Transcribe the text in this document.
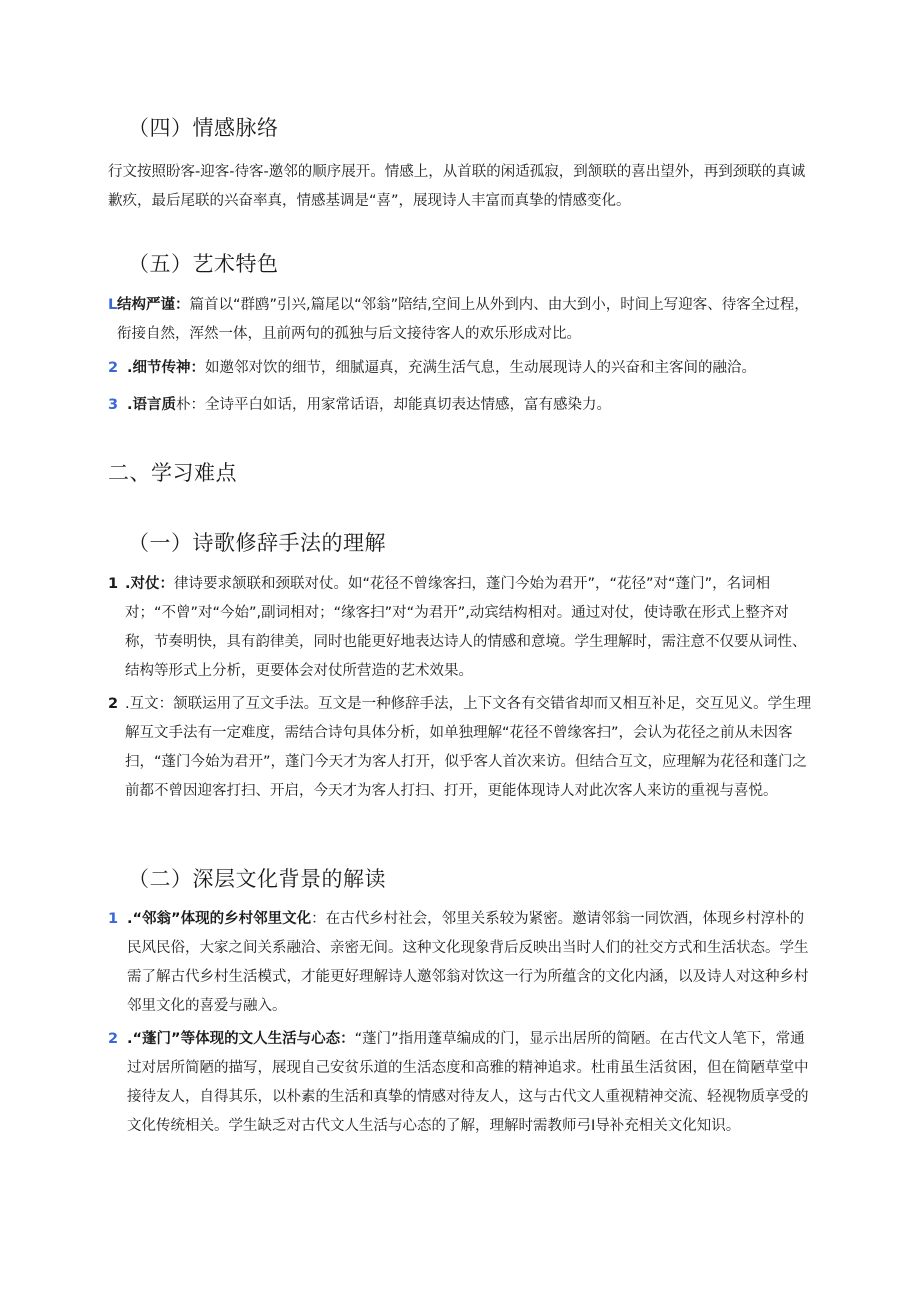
（四）情感脉络

行文按照盼客-迎客-待客-邀邻的顺序展开。情感上，从首联的闲适孤寂，到颔联的喜出望外，再到颈联的真诚歉疚，最后尾联的兴奋率真，情感基调是“喜”，展现诗人丰富而真挚的情感变化。

（五）艺术特色
L 结构严谨：篇首以“群鸥”引兴,篇尾以“邻翁”陪结,空间上从外到内、由大到小，时间上写迎客、待客全过程，衔接自然，浑然一体，且前两句的孤独与后文接待客人的欢乐形成对比。
2 .细节传神：如邀邻对饮的细节，细腻逼真，充满生活气息，生动展现诗人的兴奋和主客间的融洽。
3 .语言质朴：全诗平白如话，用家常话语，却能真切表达情感，富有感染力。
二、学习难点
（一）诗歌修辞手法的理解
1 .对仗：律诗要求颔联和颈联对仗。如“花径不曾缘客扫，蓬门今始为君开”，“花径”对“蓬门”，名词相对；“不曾”对“今始”,副词相对；“缘客扫”对“为君开”,动宾结构相对。通过对仗，使诗歌在形式上整齐对称，节奏明快，具有韵律美，同时也能更好地表达诗人的情感和意境。学生理解时，需注意不仅要从词性、结构等形式上分析，更要体会对仗所营造的艺术效果。
2 .互文：颔联运用了互文手法。互文是一种修辞手法，上下文各有交错省却而又相互补足，交互见义。学生理解互文手法有一定难度，需结合诗句具体分析，如单独理解“花径不曾缘客扫”，会认为花径之前从未因客扫，“蓬门今始为君开”，蓬门今天才为客人打开，似乎客人首次来访。但结合互文，应理解为花径和蓬门之前都不曾因迎客打扫、开启，今天才为客人打扫、打开，更能体现诗人对此次客人来访的重视与喜悦。
（二）深层文化背景的解读
1 .“邻翁”体现的乡村邻里文化：在古代乡村社会，邻里关系较为紧密。邀请邻翁一同饮酒，体现乡村淳朴的民风民俗，大家之间关系融洽、亲密无间。这种文化现象背后反映出当时人们的社交方式和生活状态。学生需了解古代乡村生活模式，才能更好理解诗人邀邻翁对饮这一行为所蕴含的文化内涵，以及诗人对这种乡村邻里文化的喜爱与融入。
2 .“蓬门”等体现的文人生活与心态：“蓬门”指用蓬草编成的门，显示出居所的简陋。在古代文人笔下，常通过对居所简陋的描写，展现自己安贫乐道的生活态度和高雅的精神追求。杜甫虽生活贫困，但在简陋草堂中接待友人，自得其乐，以朴素的生活和真挚的情感对待友人，这与古代文人重视精神交流、轻视物质享受的文化传统相关。学生缺乏对古代文人生活与心态的了解，理解时需教师弓I导补充相关文化知识。
